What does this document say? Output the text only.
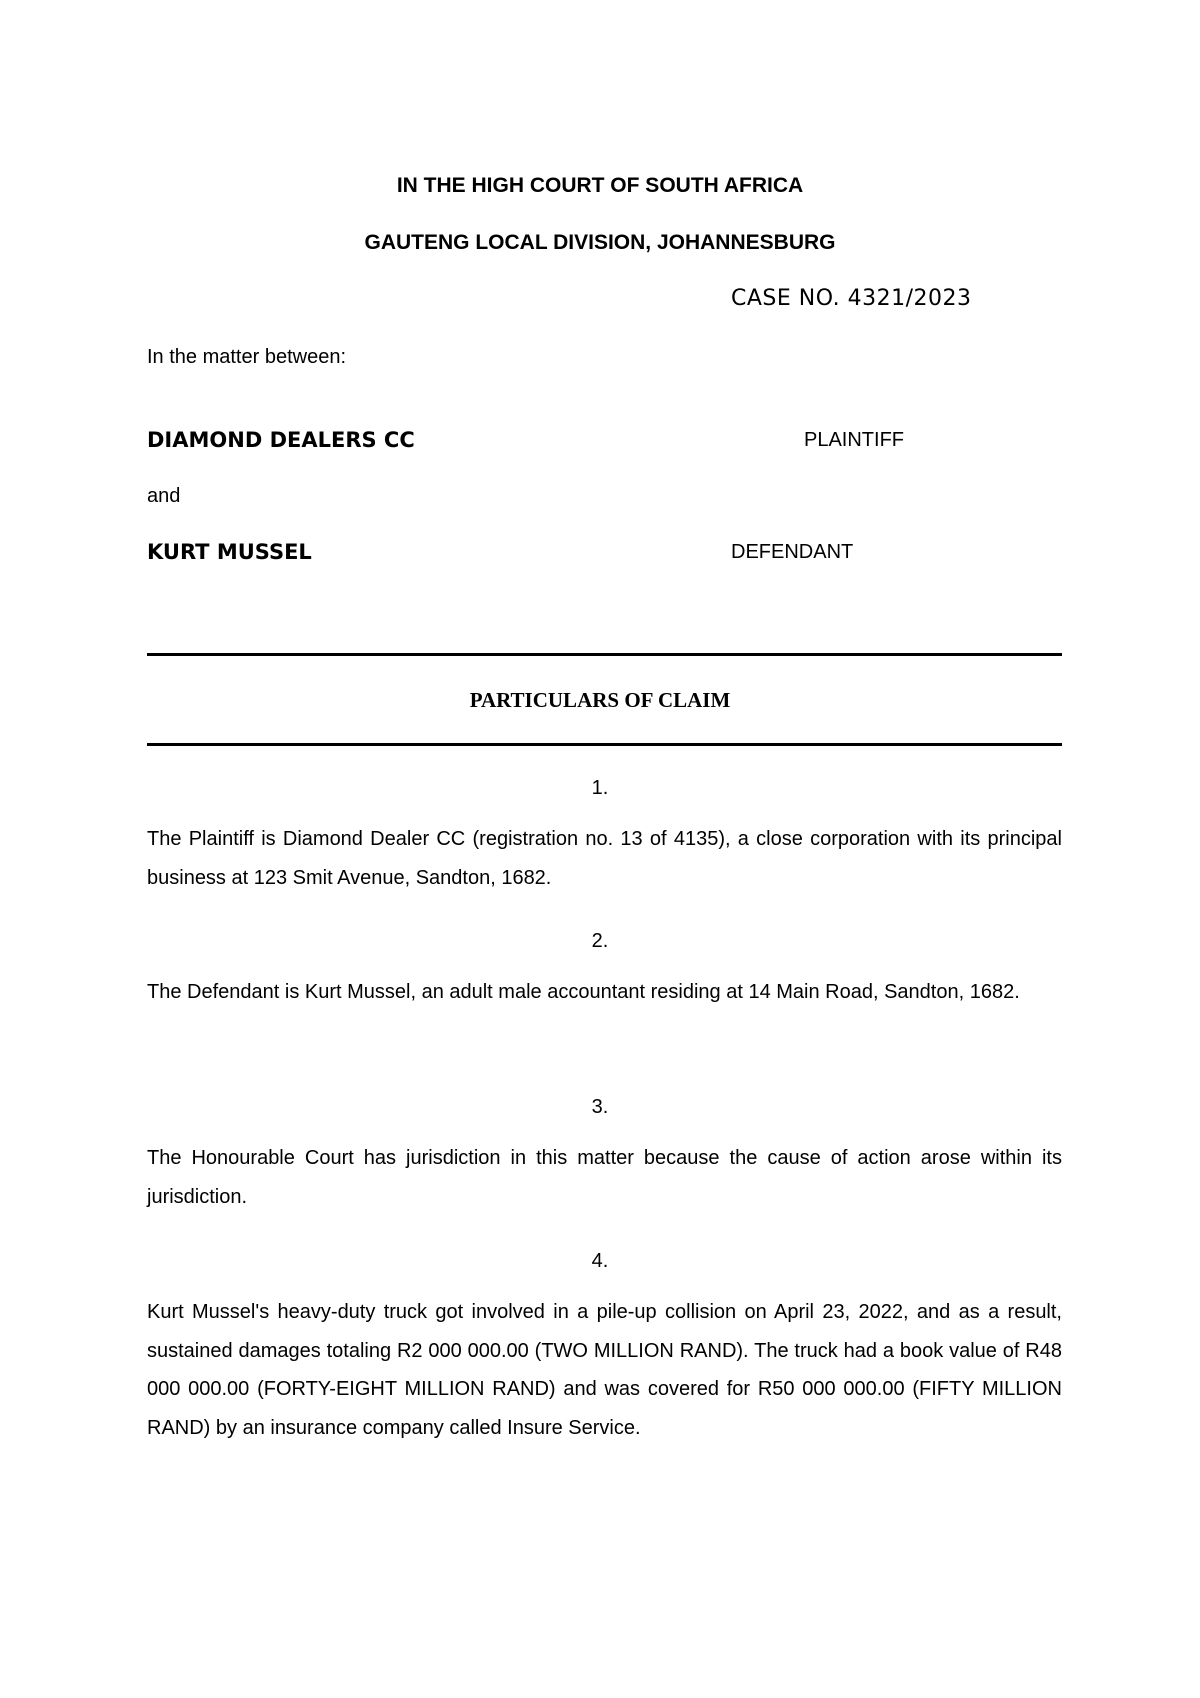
IN THE HIGH COURT OF SOUTH AFRICA
GAUTENG LOCAL DIVISION, JOHANNESBURG
CASE NO. 4321/2023
In the matter between:
DIAMOND DEALERS CC	PLAINTIFF
and
KURT MUSSEL	DEFENDANT
PARTICULARS OF CLAIM
1.

The Plaintiff is Diamond Dealer CC (registration no. 13 of 4135), a close corporation with its principal business at 123 Smit Avenue, Sandton, 1682.

2.

The Defendant is Kurt Mussel, an adult male accountant residing at 14 Main Road, Sandton, 1682.

3.

The Honourable Court has jurisdiction in this matter because the cause of action arose within its jurisdiction.

4.

Kurt Mussel's heavy-duty truck got involved in a pile-up collision on April 23, 2022, and as a result, sustained damages totaling R2 000 000.00 (TWO MILLION RAND). The truck had a book value of R48 000 000.00 (FORTY-EIGHT MILLION RAND) and was covered for R50 000 000.00 (FIFTY MILLION RAND) by an insurance company called Insure Service.
